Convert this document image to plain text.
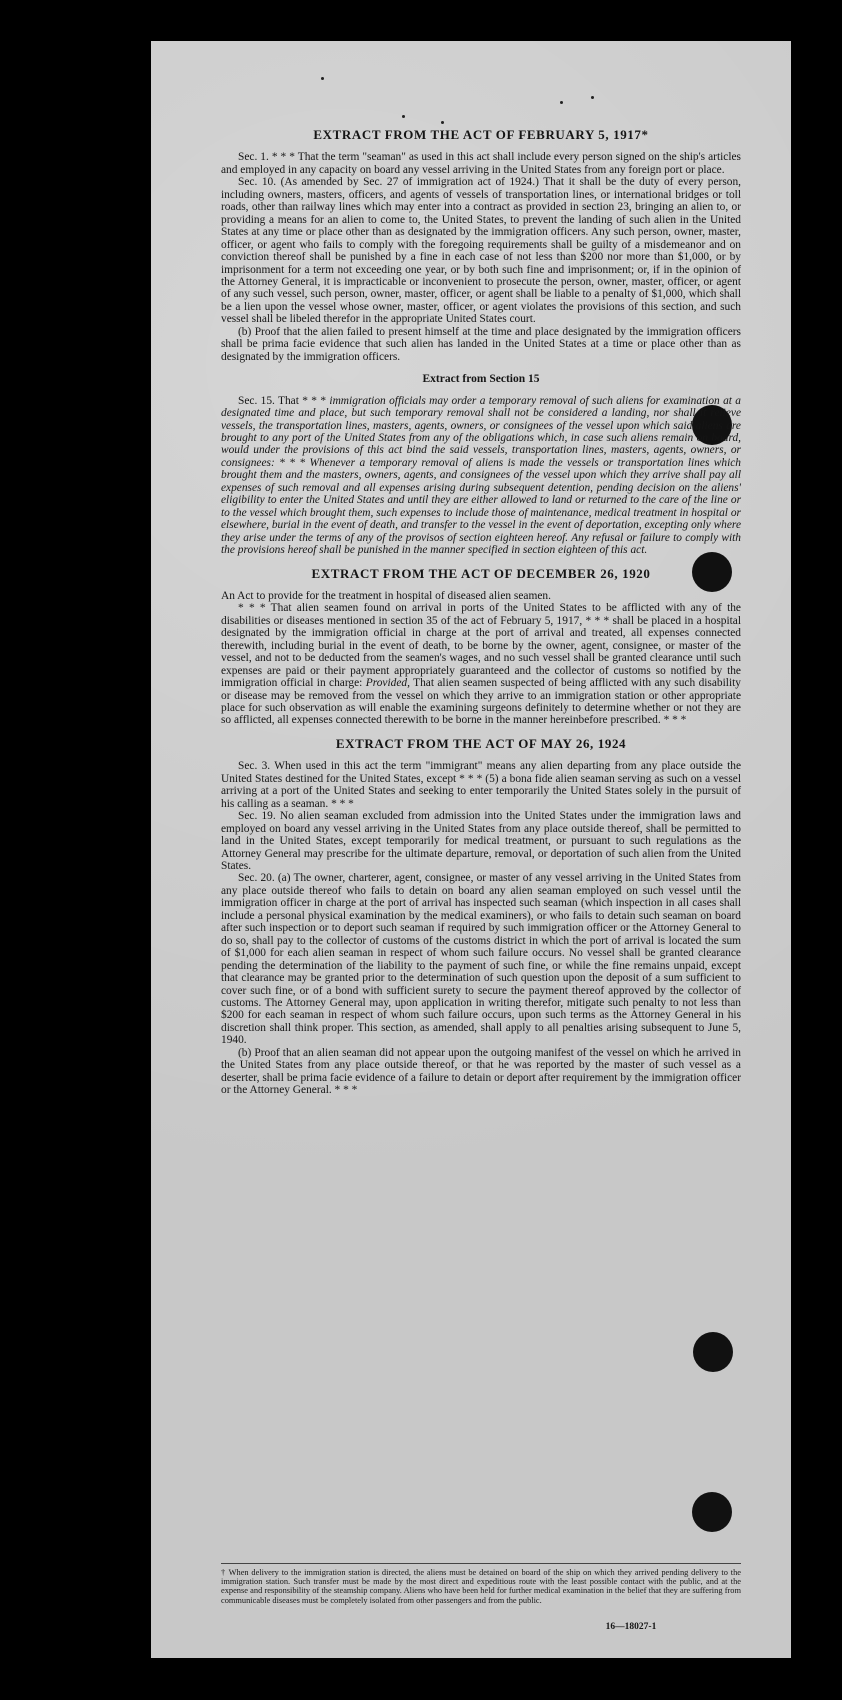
EXTRACT FROM THE ACT OF FEBRUARY 5, 1917*

Sec. 1. * * * That the term "seaman" as used in this act shall include every person signed on the ship's articles and employed in any capacity on board any vessel arriving in the United States from any foreign port or place.

Sec. 10. (As amended by Sec. 27 of immigration act of 1924.) That it shall be the duty of every person, including owners, masters, officers, and agents of vessels of transportation lines, or international bridges or toll roads, other than railway lines which may enter into a contract as provided in section 23, bringing an alien to, or providing a means for an alien to come to, the United States, to prevent the landing of such alien in the United States at any time or place other than as designated by the immigration officers. Any such person, owner, master, officer, or agent who fails to comply with the foregoing requirements shall be guilty of a misdemeanor and on conviction thereof shall be punished by a fine in each case of not less than $200 nor more than $1,000, or by imprisonment for a term not exceeding one year, or by both such fine and imprisonment; or, if in the opinion of the Attorney General, it is impracticable or inconvenient to prosecute the person, owner, master, officer, or agent of any such vessel, such person, owner, master, officer, or agent shall be liable to a penalty of $1,000, which shall be a lien upon the vessel whose owner, master, officer, or agent violates the provisions of this section, and such vessel shall be libeled therefor in the appropriate United States court.

(b) Proof that the alien failed to present himself at the time and place designated by the immigration officers shall be prima facie evidence that such alien has landed in the United States at a time or place other than as designated by the immigration officers.

Extract from Section 15

Sec. 15. That * * * immigration officials may order a temporary removal of such aliens for examination at a designated time and place, but such temporary removal shall not be considered a landing, nor shall it relieve vessels, the transportation lines, masters, agents, owners, or consignees of the vessel upon which said aliens are brought to any port of the United States from any of the obligations which, in case such aliens remain on board, would under the provisions of this act bind the said vessels, transportation lines, masters, agents, owners, or consignees: * * * Whenever a temporary removal of aliens is made the vessels or transportation lines which brought them and the masters, owners, agents, and consignees of the vessel upon which they arrive shall pay all expenses of such removal and all expenses arising during subsequent detention, pending decision on the aliens' eligibility to enter the United States and until they are either allowed to land or returned to the care of the line or to the vessel which brought them, such expenses to include those of maintenance, medical treatment in hospital or elsewhere, burial in the event of death, and transfer to the vessel in the event of deportation, excepting only where they arise under the terms of any of the provisos of section eighteen hereof. Any refusal or failure to comply with the provisions hereof shall be punished in the manner specified in section eighteen of this act.

EXTRACT FROM THE ACT OF DECEMBER 26, 1920

An Act to provide for the treatment in hospital of diseased alien seamen.

* * * That alien seamen found on arrival in ports of the United States to be afflicted with any of the disabilities or diseases mentioned in section 35 of the act of February 5, 1917, * * * shall be placed in a hospital designated by the immigration official in charge at the port of arrival and treated, all expenses connected therewith, including burial in the event of death, to be borne by the owner, agent, consignee, or master of the vessel, and not to be deducted from the seamen's wages, and no such vessel shall be granted clearance until such expenses are paid or their payment appropriately guaranteed and the collector of customs so notified by the immigration official in charge: Provided, That alien seamen suspected of being afflicted with any such disability or disease may be removed from the vessel on which they arrive to an immigration station or other appropriate place for such observation as will enable the examining surgeons definitely to determine whether or not they are so afflicted, all expenses connected therewith to be borne in the manner hereinbefore prescribed. * * *

EXTRACT FROM THE ACT OF MAY 26, 1924

Sec. 3. When used in this act the term "immigrant" means any alien departing from any place outside the United States destined for the United States, except * * * (5) a bona fide alien seaman serving as such on a vessel arriving at a port of the United States and seeking to enter temporarily the United States solely in the pursuit of his calling as a seaman. * * *

Sec. 19. No alien seaman excluded from admission into the United States under the immigration laws and employed on board any vessel arriving in the United States from any place outside thereof, shall be permitted to land in the United States, except temporarily for medical treatment, or pursuant to such regulations as the Attorney General may prescribe for the ultimate departure, removal, or deportation of such alien from the United States.

Sec. 20. (a) The owner, charterer, agent, consignee, or master of any vessel arriving in the United States from any place outside thereof who fails to detain on board any alien seaman employed on such vessel until the immigration officer in charge at the port of arrival has inspected such seaman (which inspection in all cases shall include a personal physical examination by the medical examiners), or who fails to detain such seaman on board after such inspection or to deport such seaman if required by such immigration officer or the Attorney General to do so, shall pay to the collector of customs of the customs district in which the port of arrival is located the sum of $1,000 for each alien seaman in respect of whom such failure occurs. No vessel shall be granted clearance pending the determination of the liability to the payment of such fine, or while the fine remains unpaid, except that clearance may be granted prior to the determination of such question upon the deposit of a sum sufficient to cover such fine, or of a bond with sufficient surety to secure the payment thereof approved by the collector of customs. The Attorney General may, upon application in writing therefor, mitigate such penalty to not less than $200 for each seaman in respect of whom such failure occurs, upon such terms as the Attorney General in his discretion shall think proper. This section, as amended, shall apply to all penalties arising subsequent to June 5, 1940.

(b) Proof that an alien seaman did not appear upon the outgoing manifest of the vessel on which he arrived in the United States from any place outside thereof, or that he was reported by the master of such vessel as a deserter, shall be prima facie evidence of a failure to detain or deport after requirement by the immigration officer or the Attorney General. * * *

† When delivery to the immigration station is directed, the aliens must be detained on board of the ship on which they arrived pending delivery to the immigration station. Such transfer must be made by the most direct and expeditious route with the least possible contact with the public, and at the expense and responsibility of the steamship company. Aliens who have been held for further medical examination in the belief that they are suffering from communicable diseases must be completely isolated from other passengers and from the public.
16—18027-1
